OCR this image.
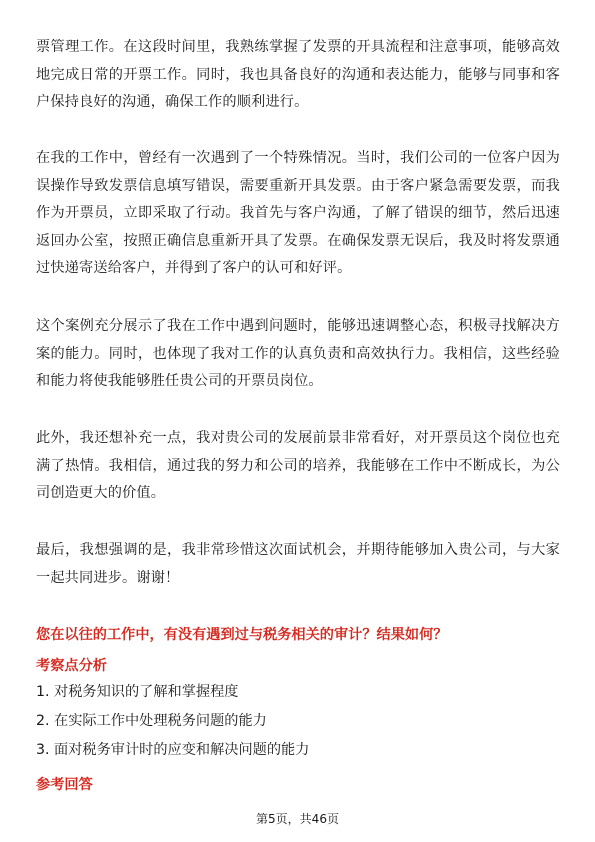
票管理工作。在这段时间里，我熟练掌握了发票的开具流程和注意事项，能够高效地完成日常的开票工作。同时，我也具备良好的沟通和表达能力，能够与同事和客户保持良好的沟通，确保工作的顺利进行。

在我的工作中，曾经有一次遇到了一个特殊情况。当时，我们公司的一位客户因为误操作导致发票信息填写错误，需要重新开具发票。由于客户紧急需要发票，而我作为开票员，立即采取了行动。我首先与客户沟通，了解了错误的细节，然后迅速返回办公室，按照正确信息重新开具了发票。在确保发票无误后，我及时将发票通过快递寄送给客户，并得到了客户的认可和好评。

这个案例充分展示了我在工作中遇到问题时，能够迅速调整心态，积极寻找解决方案的能力。同时，也体现了我对工作的认真负责和高效执行力。我相信，这些经验和能力将使我能够胜任贵公司的开票员岗位。

此外，我还想补充一点，我对贵公司的发展前景非常看好，对开票员这个岗位也充满了热情。我相信，通过我的努力和公司的培养，我能够在工作中不断成长，为公司创造更大的价值。

最后，我想强调的是，我非常珍惜这次面试机会，并期待能够加入贵公司，与大家一起共同进步。谢谢！

您在以往的工作中，有没有遇到过与税务相关的审计？结果如何？

考察点分析

1. 对税务知识的了解和掌握程度

2. 在实际工作中处理税务问题的能力

3. 面对税务审计时的应变和解决问题的能力

参考回答

第5页，共46页
